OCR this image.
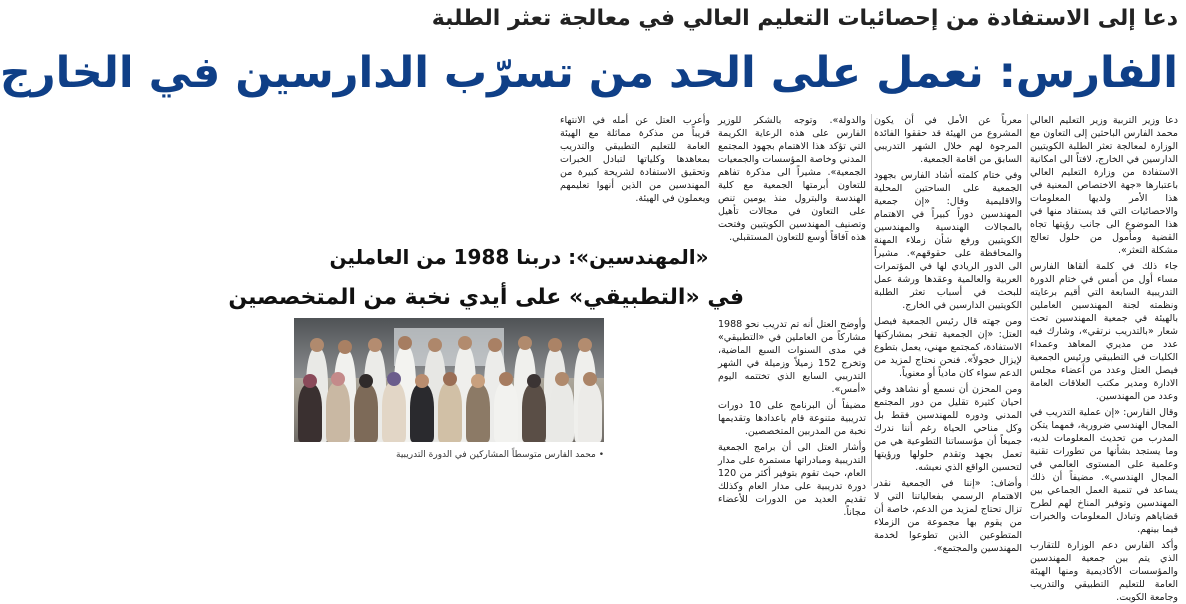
دعا إلى الاستفادة من إحصائيات التعليم العالي في معالجة تعثر الطلبة
الفارس: نعمل على الحد من تسرّب الدارسين في الخارج

دعا وزير التربية وزير التعليم العالي محمد الفارس الباحثين إلى التعاون مع الوزارة لمعالجة تعثر الطلبة الكويتيين الدارسين في الخارج، لافتاً الى امكانية الاستفادة من وزارة التعليم العالي باعتبارها «جهة الاختصاص المعنية في هذا الأمر ولديها المعلومات والاحصائيات التي قد يستفاد منها في هذا الموضوع الى جانب رؤيتها تجاه القضية ومأمول من حلول تعالج مشكلة التعثر».

جاء ذلك في كلمة ألقاها الفارس مساء أول من أمس في ختام الدورة التدريبية السابعة التي أقيم برعايته ونظمته لجنة المهندسين العاملين بالهيئة في جمعية المهندسين تحت شعار «بالتدريب نرتقي»، وشارك فيه عدد من مديري المعاهد وعمداء الكليات في التطبيقي ورئيس الجمعية فيصل العتل وعدد من أعضاء مجلس الادارة ومدير مكتب العلاقات العامة وعدد من المهندسين.

وقال الفارس: «إن عملية التدريب في المجال الهندسي ضرورية، فمهما يتكن المدرب من تحديث المعلومات لديه، وما يستجد بشأنها من تطورات تقنية وعلمية على المستوى العالمي في المجال الهندسي». مضيفاً أن ذلك يساعد في تنمية العمل الجماعي بين المهندسين وتوفير المناخ لهم لطرح قضاياهم وتبادل المعلومات والخبرات فيما بينهم.

وأكد الفارس دعم الوزارة للتقارب الذي يتم بين جمعية المهندسين والمؤسسات الأكاديمية ومنها الهيئة العامة للتعليم التطبيقي والتدريب وجامعة الكويت.

معرباً عن الأمل في أن يكون المشروع من الهيئة قد حققوا الفائدة المرجوة لهم خلال الشهر التدريبي السابق من اقامة الجمعية.

وفي ختام كلمته أشاد الفارس بجهود الجمعية على الساحتين المحلية والاقليمية وقال: «إن جمعية المهندسين دوراً كبيراً في الاهتمام بالمجالات الهندسية والمهندسين الكويتيين ورفع شأن زملاء المهنة والمحافظة على حقوقهم». مشيراً الى الدور الريادي لها في المؤتمرات العربية والعالمية وعقدها ورشة عمل للبحث في أسباب تعثر الطلبة الكويتيين الدارسين في الخارج.

ومن جهته قال رئيس الجمعية فيصل العتل: «إن الجمعية تفخر بمشاركتها الاستفادة، كمجتمع مهني، يعمل بتطوع لإيزال خجولاً». فنحن نحتاج لمزيد من الدعم سواء كان مادياً أو معنوياً.

ومن المحزن أن نسمع أو نشاهد وفي احيان كثيرة تقليل من دور المجتمع المدني ودوره للمهندسين فقط بل وكل مناحي الحياة رغم أننا ندرك جميعاً أن مؤسساتنا التطوعية هي من تعمل بجهد وتقدم حلولها ورؤيتها لتحسين الواقع الذي نعيشه.

وأضاف: «إننا في الجمعية نقدر الاهتمام الرسمي بفعالياتنا التي لا تزال تحتاج لمزيد من الدعم، خاصة أن من يقوم بها مجموعة من الزملاء المتطوعين الذين تطوعوا لخدمة المهندسين والمجتمع».

والدولة». وتوجه بالشكر للوزير الفارس على هذه الرعاية الكريمة التي تؤكد هذا الاهتمام بجهود المجتمع المدني وخاصة المؤسسات والجمعيات الجمعية». مشيراً الى مذكرة تفاهم للتعاون أبرمتها الجمعية مع كلية الهندسة والبترول منذ يومين تنص على التعاون في مجالات تأهيل وتصنيف المهندسين الكويتيين وفتحت هذه آفاقاً أوسع للتعاون المستقبلي.

وأعرب العتل عن أمله في الانتهاء قريباً من مذكرة مماثلة مع الهيئة العامة للتعليم التطبيقي والتدريب بمعاهدها وكلياتها لتبادل الخبرات وتحقيق الاستفادة لشريحة كبيرة من المهندسين من الذين أنهوا تعليمهم ويعملون في الهيئة.

«المهندسين»: دربنا 1988 من العاملين
في «التطبيقي» على أيدي نخبة من المتخصصين
• محمد الفارس متوسطاً المشاركين في الدورة التدريبية

وأوضح العتل أنه تم تدريب نحو 1988 مشاركاً من العاملين في «التطبيقي» في مدى السنوات السبع الماضية، وتخرج 152 زميلاً وزميلة في الشهر التدريبي السابع الذي تختتمه اليوم «أمس».

مضيفاً أن البرنامج على 10 دورات تدريبية متنوعة قام باعدادها وتقديمها نخبة من المدربين المتخصصين.

وأشار العتل الى أن برامج الجمعية التدريبية ومبادراتها مستمرة على مدار العام، حيث تقوم بتوفير أكثر من 120 دورة تدريبية على مدار العام وكذلك تقديم العديد من الدورات للأعضاء مجاناً.
